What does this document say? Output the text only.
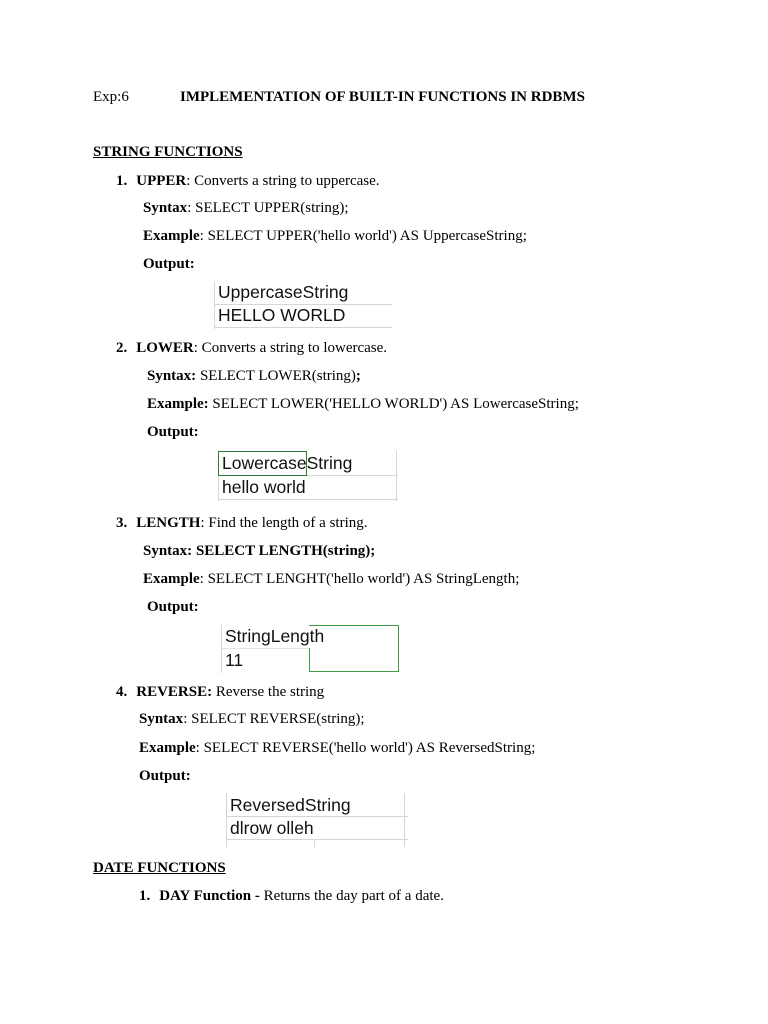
Exp:6	IMPLEMENTATION OF BUILT-IN FUNCTIONS IN RDBMS
STRING FUNCTIONS
1. UPPER: Converts a string to uppercase.
Syntax: SELECT UPPER(string);
Example: SELECT UPPER('hello world') AS UppercaseString;
Output:
UppercaseString
HELLO WORLD
2. LOWER: Converts a string to lowercase.
Syntax: SELECT LOWER(string);
Example: SELECT LOWER('HELLO WORLD') AS LowercaseString;
Output:
LowercaseString
hello world
3. LENGTH: Find the length of a string.
Syntax: SELECT LENGTH(string);
Example: SELECT LENGHT('hello world') AS StringLength;
Output:
StringLength
11
4. REVERSE: Reverse the string
Syntax: SELECT REVERSE(string);
Example: SELECT REVERSE('hello world') AS ReversedString;
Output:
ReversedString
dlrow olleh
DATE FUNCTIONS
1. DAY Function - Returns the day part of a date.
